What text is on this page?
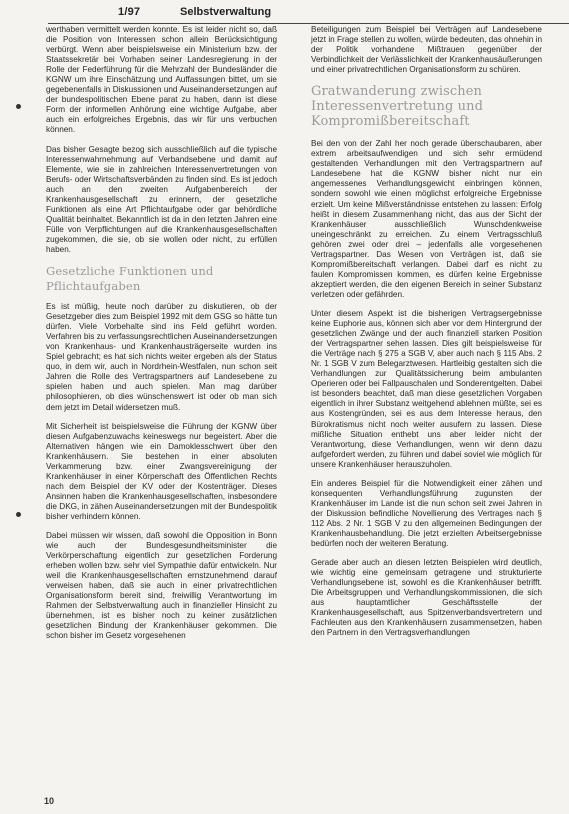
1/97	Selbstverwaltung

werthaben vermittelt werden konnte. Es ist leider nicht so, daß die Position von Interessen schon allein Berücksichtigung verbürgt. Wenn aber beispielsweise ein Ministerium bzw. der Staatssekretär bei Vorhaben seiner Landesregierung in der Rolle der Federführung für die Mehrzahl der Bundesländer die KGNW um ihre Einschätzung und Auffassungen bittet, um sie gegebenenfalls in Diskussionen und Auseinandersetzungen auf der bundespolitischen Ebene parat zu haben, dann ist diese Form der informellen Anhörung eine wichtige Aufgabe, aber auch ein erfolgreiches Ergebnis, das wir für uns verbuchen können.

Das bisher Gesagte bezog sich ausschließlich auf die typische Interessenwahrnehmung auf Verbandsebene und damit auf Elemente, wie sie in zahlreichen Interessenvertretungen von Berufs- oder Wirtschaftsverbänden zu finden sind. Es ist jedoch auch an den zweiten Aufgabenbereich der Krankenhausgesellschaft zu erinnern, der gesetzliche Funktionen als eine Art Pflichtaufgabe oder gar behördliche Qualität beinhaltet. Bekanntlich ist da in den letzten Jahren eine Fülle von Verpflichtungen auf die Krankenhausgesellschaften zugekommen, die sie, ob sie wollen oder nicht, zu erfüllen haben.

Gesetzliche Funktionen und Pflichtaufgaben

Es ist müßig, heute noch darüber zu diskutieren, ob der Gesetzgeber dies zum Beispiel 1992 mit dem GSG so hätte tun dürfen. Viele Vorbehalte sind ins Feld geführt worden. Verfahren bis zu verfassungsrechtlichen Auseinandersetzungen von Krankenhaus- und Krankenhausträgerseite wurden ins Spiel gebracht; es hat sich nichts weiter ergeben als der Status quo, in dem wir, auch in Nordrhein-Westfalen, nun schon seit Jahren die Rolle des Vertragspartners auf Landesebene zu spielen haben und auch spielen. Man mag darüber philosophieren, ob dies wünschenswert ist oder ob man sich dem jetzt im Detail widersetzen muß.

Mit Sicherheit ist beispielsweise die Führung der KGNW über diesen Aufgabenzuwachs keineswegs nur begeistert. Aber die Alternativen hängen wie ein Damoklesschwert über den Krankenhäusern. Sie bestehen in einer absoluten Verkammerung bzw. einer Zwangsvereinigung der Krankenhäuser in einer Körperschaft des Öffentlichen Rechts nach dem Beispiel der KV oder der Kostenträger. Dieses Ansinnen haben die Krankenhausgesellschaften, insbesondere die DKG, in zähen Auseinandersetzungen mit der Bundespolitik bisher verhindern können.

Dabei müssen wir wissen, daß sowohl die Opposition in Bonn wie auch der Bundesgesundheitsminister die Verkörperschaftung eigentlich zur gesetzlichen Forderung erheben wollen bzw. sehr viel Sympathie dafür entwickeln. Nur weil die Krankenhausgesellschaften ernstzunehmend darauf verweisen haben, daß sie auch in einer privatrechtlichen Organisationsform bereit sind, freiwillig Verantwortung im Rahmen der Selbstverwaltung auch in finanzieller Hinsicht zu übernehmen, ist es bisher noch zu keiner zusätzlichen gesetzlichen Bindung der Krankenhäuser gekommen. Die schon bisher im Gesetz vorgesehenen

Beteiligungen zum Beispiel bei Verträgen auf Landesebene jetzt in Frage stellen zu wollen, würde bedeuten, das ohnehin in der Politik vorhandene Mißtrauen gegenüber der Verbindlichkeit der Verlässlichkeit der Krankenhausäußerungen und einer privatrechtlichen Organisationsform zu schüren.

Gratwanderung zwischen Interessenvertretung und Kompromißbereitschaft

Bei den von der Zahl her noch gerade überschaubaren, aber extrem arbeitsaufwendigen und sich sehr ermüdend gestaltenden Verhandlungen mit den Vertragspartnern auf Landesebene hat die KGNW bisher nicht nur ein angemessenes Verhandlungsgewicht einbringen können, sondern sowohl wie einen möglichst erfolgreiche Ergebnisse erzielt. Um keine Mißverständnisse entstehen zu lassen: Erfolg heißt in diesem Zusammenhang nicht, das aus der Sicht der Krankenhäuser ausschließlich Wunschdenkweise uneingeschränkt zu erreichen. Zu einem Vertragsschluß gehören zwei oder drei – jedenfalls alle vorgesehenen Vertragspartner. Das Wesen von Verträgen ist, daß sie Kompromißbereitschaft verlangen. Dabei darf es nicht zu faulen Kompromissen kommen, es dürfen keine Ergebnisse akzeptiert werden, die den eigenen Bereich in seiner Substanz verletzen oder gefährden.

Unter diesem Aspekt ist die bisherigen Vertragsergebnisse keine Euphorie aus, können sich aber vor dem Hintergrund der gesetzlichen Zwänge und der auch finanziell starken Position der Vertragspartner sehen lassen. Dies gilt beispielsweise für die Verträge nach § 275 a SGB V, aber auch nach § 115 Abs. 2 Nr. 1 SGB V zum Belegarztwesen. Hartleibig gestalten sich die Verhandlungen zur Qualitätssicherung beim ambulanten Operieren oder bei Fallpauschalen und Sonderentgelten. Dabei ist besonders beachtet, daß man diese gesetzlichen Vorgaben eigentlich in ihrer Substanz weitgehend ablehnen müßte, sei es aus Kostengründen, sei es aus dem Interesse heraus, den Bürokratismus nicht noch weiter ausufern zu lassen. Diese mißliche Situation enthebt uns aber leider nicht der Verantwortung, diese Verhandlungen, wenn wir denn dazu aufgefordert werden, zu führen und dabei soviel wie möglich für unsere Krankenhäuser herauszuholen.

Ein anderes Beispiel für die Notwendigkeit einer zähen und konsequenten Verhandlungsführung zugunsten der Krankenhäuser im Lande ist die nun schon seit zwei Jahren in der Diskussion befindliche Novellierung des Vertrages nach § 112 Abs. 2 Nr. 1 SGB V zu den allgemeinen Bedingungen der Krankenhausbehandlung. Die jetzt erzielten Arbeitsergebnisse bedürfen noch der weiteren Beratung.

Gerade aber auch an diesen letzten Beispielen wird deutlich, wie wichtig eine gemeinsam getragene und strukturierte Verhandlungsebene ist, sowohl es die Krankenhäuser betrifft. Die Arbeitsgruppen und Verhandlungskommissionen, die sich aus hauptamtlicher Geschäftsstelle der Krankenhausgesellschaft, aus Spitzenverbandsvertretern und Fachleuten aus den Krankenhäusern zusammensetzen, haben den Partnern in den Vertragsverhandlungen

10
